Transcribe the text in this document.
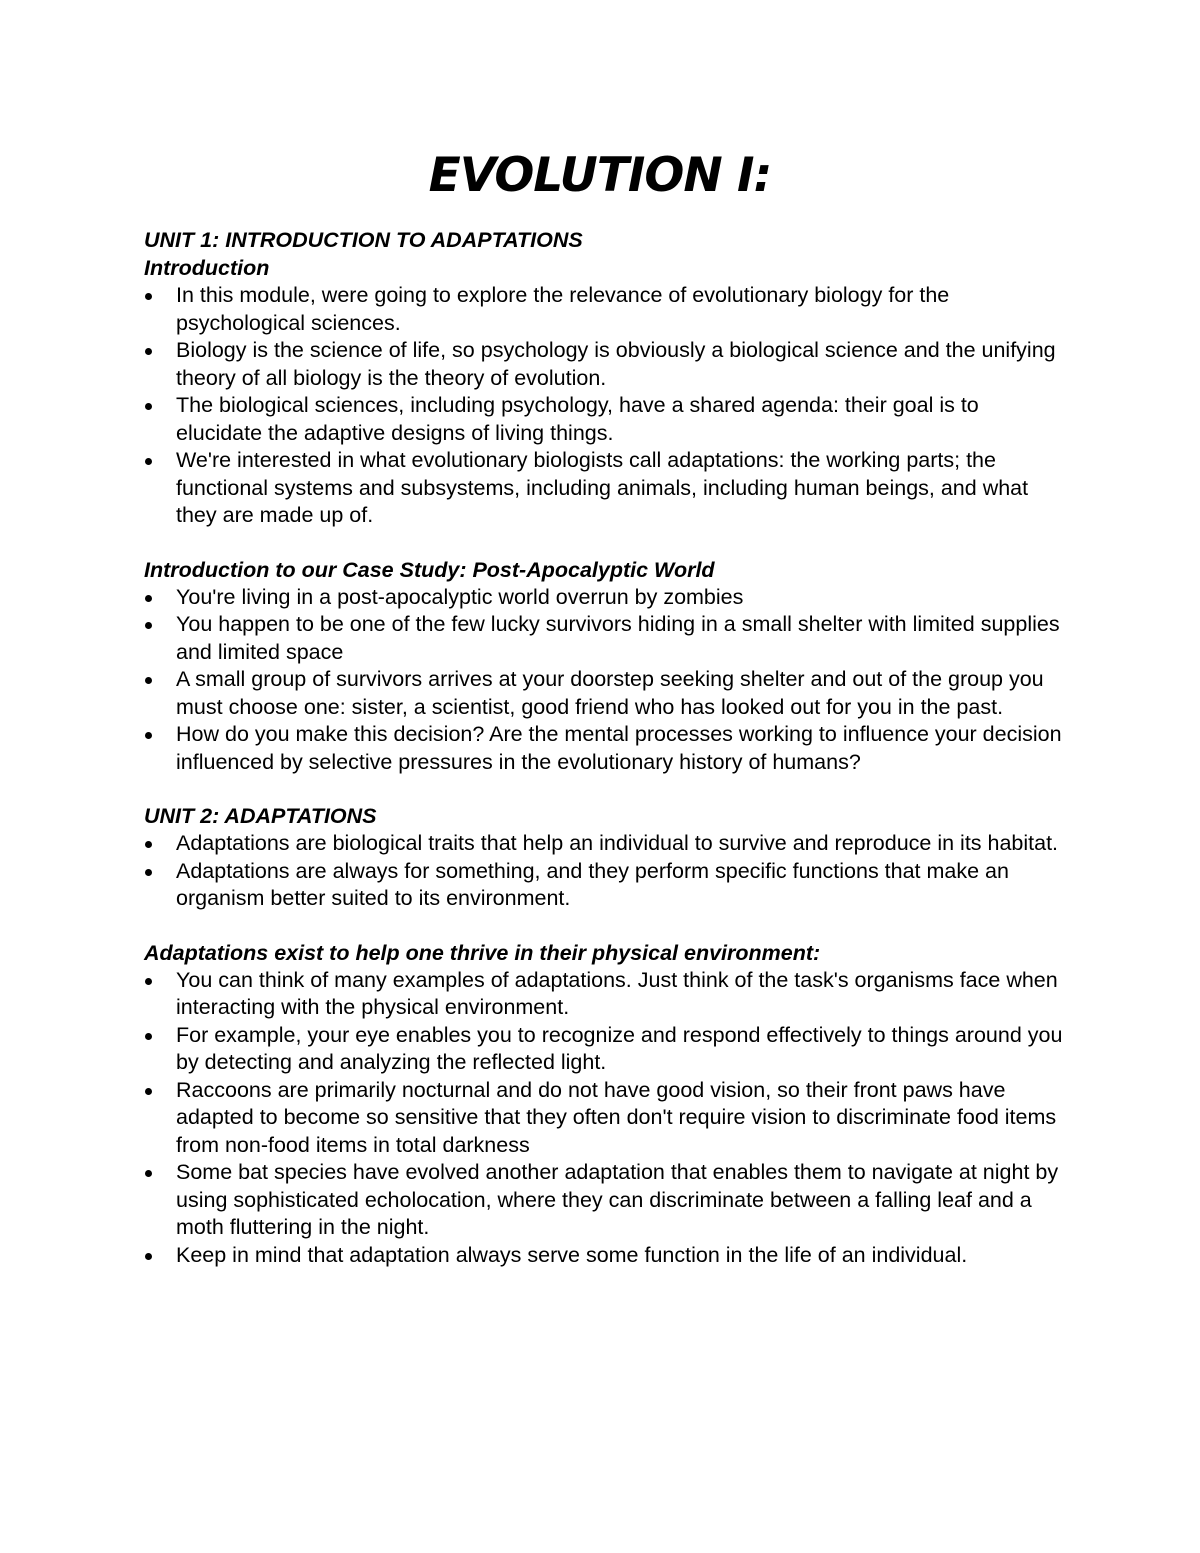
EVOLUTION I:

UNIT 1: INTRODUCTION TO ADAPTATIONS

Introduction

In this module, were going to explore the relevance of evolutionary biology for the psychological sciences.
Biology is the science of life, so psychology is obviously a biological science and the unifying theory of all biology is the theory of evolution.
The biological sciences, including psychology, have a shared agenda: their goal is to elucidate the adaptive designs of living things.
We're interested in what evolutionary biologists call adaptations: the working parts; the functional systems and subsystems, including animals, including human beings, and what they are made up of.

Introduction to our Case Study: Post-Apocalyptic World

You're living in a post-apocalyptic world overrun by zombies
You happen to be one of the few lucky survivors hiding in a small shelter with limited supplies and limited space
A small group of survivors arrives at your doorstep seeking shelter and out of the group you must choose one: sister, a scientist, good friend who has looked out for you in the past.
How do you make this decision? Are the mental processes working to influence your decision influenced by selective pressures in the evolutionary history of humans?

UNIT 2: ADAPTATIONS

Adaptations are biological traits that help an individual to survive and reproduce in its habitat.
Adaptations are always for something, and they perform specific functions that make an organism better suited to its environment.

Adaptations exist to help one thrive in their physical environment:

You can think of many examples of adaptations. Just think of the task's organisms face when interacting with the physical environment.
For example, your eye enables you to recognize and respond effectively to things around you by detecting and analyzing the reflected light.
Raccoons are primarily nocturnal and do not have good vision, so their front paws have adapted to become so sensitive that they often don't require vision to discriminate food items from non-food items in total darkness
Some bat species have evolved another adaptation that enables them to navigate at night by using sophisticated echolocation, where they can discriminate between a falling leaf and a moth fluttering in the night.
Keep in mind that adaptation always serve some function in the life of an individual.
